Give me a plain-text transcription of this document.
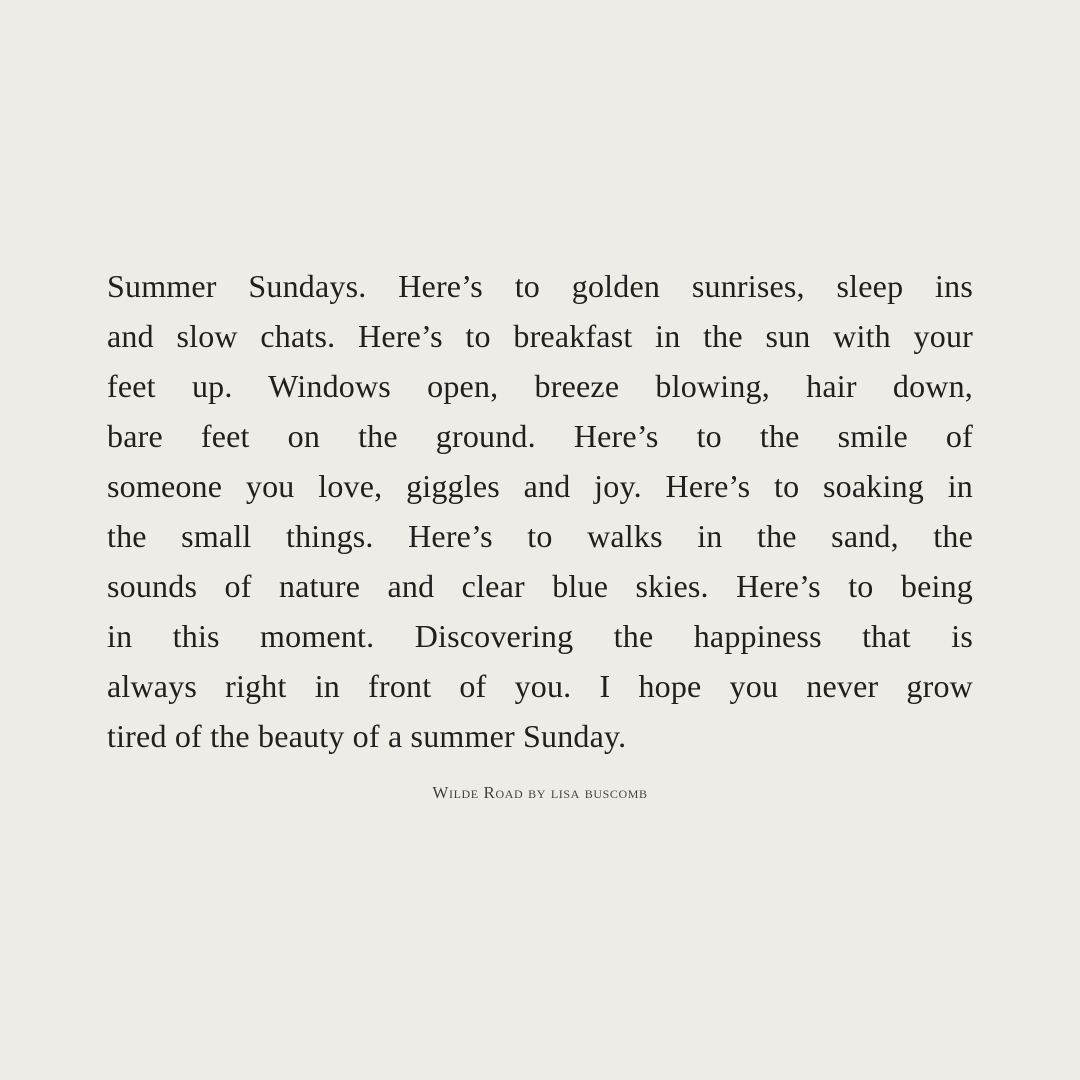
Summer Sundays. Here’s to golden sunrises, sleep ins
and slow chats. Here’s to breakfast in the sun with your
feet up. Windows open, breeze blowing, hair down,
bare feet on the ground. Here’s to the smile of
someone you love, giggles and joy. Here’s to soaking in
the small things. Here’s to walks in the sand, the
sounds of nature and clear blue skies. Here’s to being
in this moment. Discovering the happiness that is
always right in front of you. I hope you never grow
tired of the beauty of a summer Sunday.
Wilde Road by lisa buscomb
